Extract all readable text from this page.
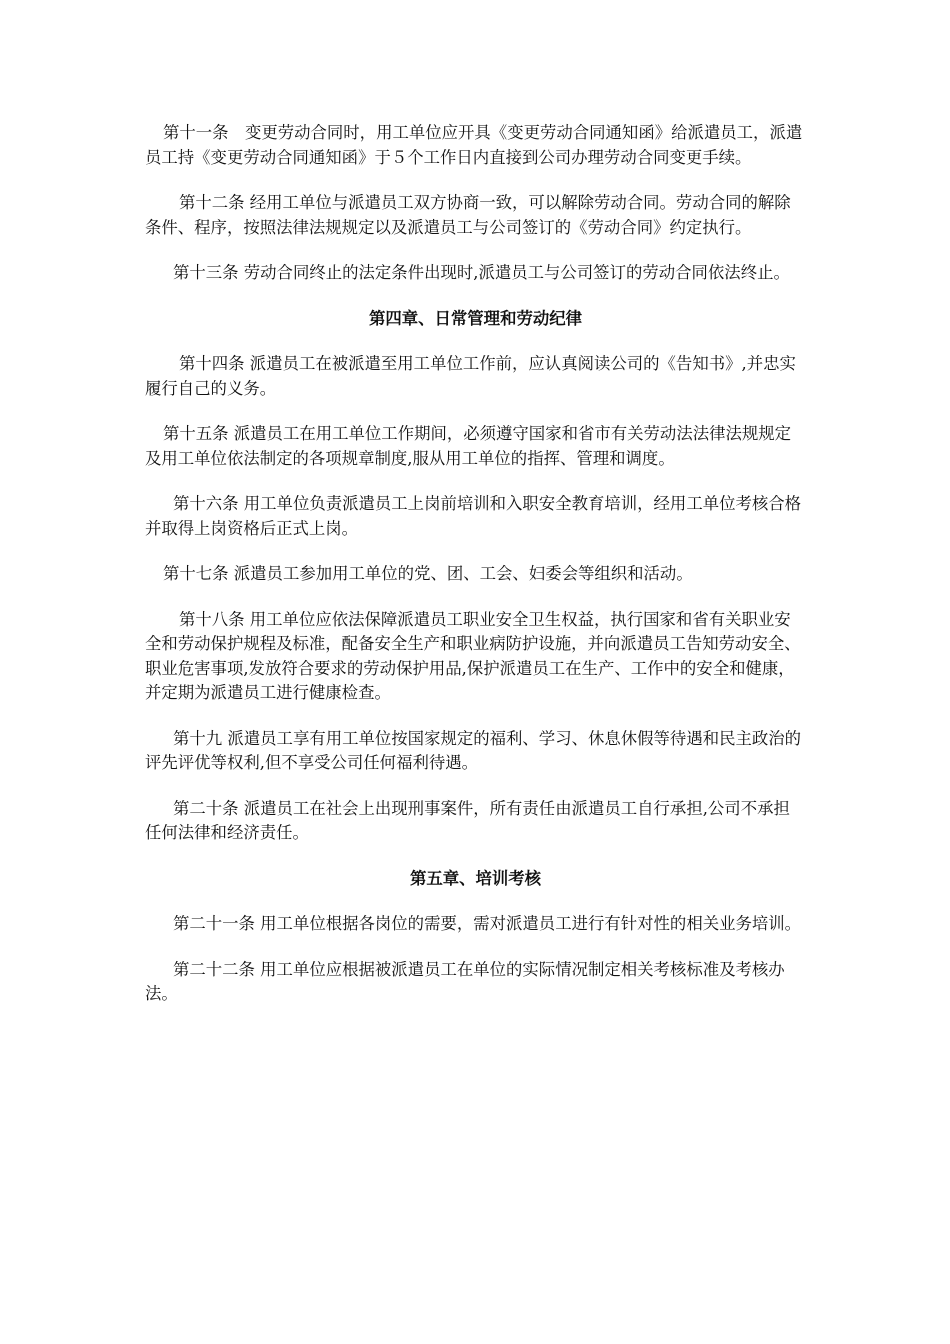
第十一条　变更劳动合同时，用工单位应开具《变更劳动合同通知函》给派遣员工，派遣员工持《变更劳动合同通知函》于５个工作日内直接到公司办理劳动合同变更手续。

第十二条 经用工单位与派遣员工双方协商一致，可以解除劳动合同。劳动合同的解除条件、程序，按照法律法规规定以及派遣员工与公司签订的《劳动合同》约定执行。

第十三条 劳动合同终止的法定条件出现时,派遣员工与公司签订的劳动合同依法终止。

第四章、日常管理和劳动纪律

第十四条 派遣员工在被派遣至用工单位工作前，应认真阅读公司的《告知书》,并忠实履行自己的义务。

第十五条 派遣员工在用工单位工作期间，必须遵守国家和省市有关劳动法法律法规规定及用工单位依法制定的各项规章制度,服从用工单位的指挥、管理和调度。

第十六条 用工单位负责派遣员工上岗前培训和入职安全教育培训，经用工单位考核合格并取得上岗资格后正式上岗。

第十七条 派遣员工参加用工单位的党、团、工会、妇委会等组织和活动。

第十八条 用工单位应依法保障派遣员工职业安全卫生权益，执行国家和省有关职业安全和劳动保护规程及标准，配备安全生产和职业病防护设施，并向派遣员工告知劳动安全、职业危害事项,发放符合要求的劳动保护用品,保护派遣员工在生产、工作中的安全和健康，并定期为派遣员工进行健康检查。

第十九 派遣员工享有用工单位按国家规定的福利、学习、休息休假等待遇和民主政治的评先评优等权利,但不享受公司任何福利待遇。

第二十条 派遣员工在社会上出现刑事案件，所有责任由派遣员工自行承担,公司不承担任何法律和经济责任。

第五章、培训考核

第二十一条 用工单位根据各岗位的需要，需对派遣员工进行有针对性的相关业务培训。

第二十二条 用工单位应根据被派遣员工在单位的实际情况制定相关考核标准及考核办法。
